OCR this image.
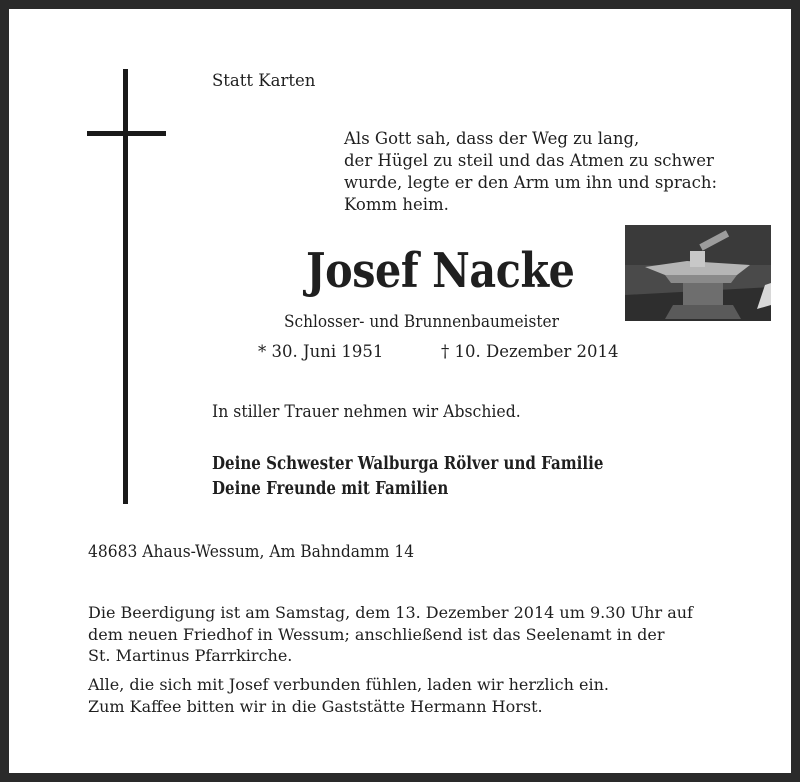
Statt Karten
Als Gott sah, dass der Weg zu lang,
der Hügel zu steil und das Atmen zu schwer
wurde, legte er den Arm um ihn und sprach:
Komm heim.
Josef Nacke
Schlosser- und Brunnenbaumeister
* 30. Juni 1951	† 10. Dezember 2014
In stiller Trauer nehmen wir Abschied.
Deine Schwester Walburga Rölver und Familie
Deine Freunde mit Familien
48683 Ahaus-Wessum, Am Bahndamm 14
Die Beerdigung ist am Samstag, dem 13. Dezember 2014 um 9.30 Uhr auf
dem neuen Friedhof in Wessum; anschließend ist das Seelenamt in der
St. Martinus Pfarrkirche.
Alle, die sich mit Josef verbunden fühlen, laden wir herzlich ein.
Zum Kaffee bitten wir in die Gaststätte Hermann Horst.
